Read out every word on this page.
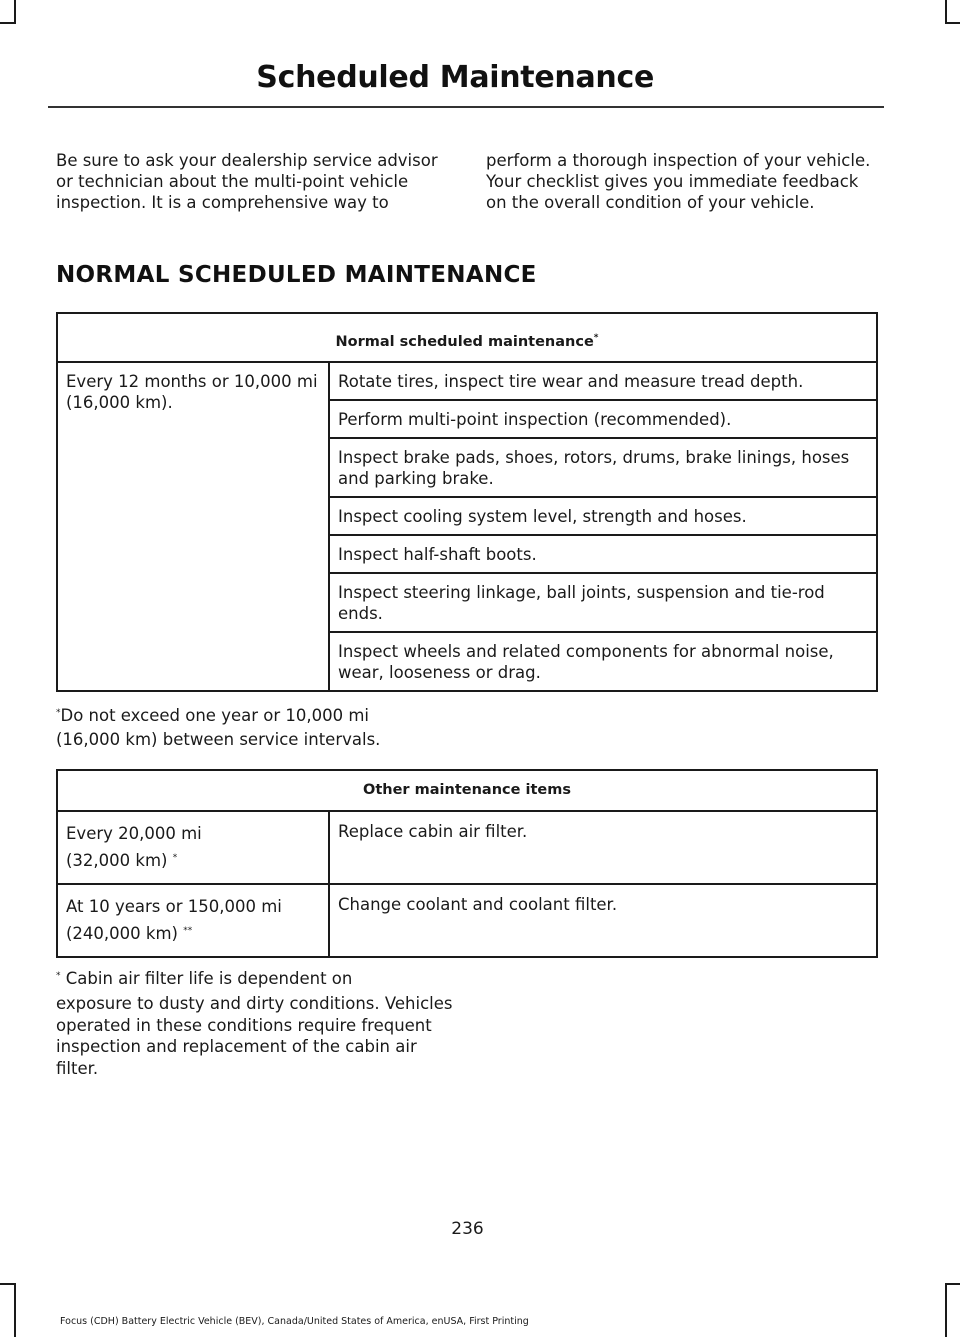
Scheduled Maintenance

Be sure to ask your dealership service advisor or technician about the multi-point vehicle inspection. It is a comprehensive way to perform a thorough inspection of your vehicle. Your checklist gives you immediate feedback on the overall condition of your vehicle.

NORMAL SCHEDULED MAINTENANCE
Normal scheduled maintenance*
Every 12 months or 10,000 mi (16,000 km).	Rotate tires, inspect tire wear and measure tread depth.
Perform multi-point inspection (recommended).
Inspect brake pads, shoes, rotors, drums, brake linings, hoses and parking brake.
Inspect cooling system level, strength and hoses.
Inspect half-shaft boots.
Inspect steering linkage, ball joints, suspension and tie-rod ends.
Inspect wheels and related components for abnormal noise, wear, looseness or drag.
*Do not exceed one year or 10,000 mi
(16,000 km) between service intervals.
Other maintenance items	

Every 20,000 mi
(32,000 km) *	Replace cabin air filter.

At 10 years or 150,000 mi
(240,000 km) **	Change coolant and coolant filter.
* Cabin air filter life is dependent on
exposure to dusty and dirty conditions. Vehicles operated in these conditions require frequent inspection and replacement of the cabin air filter.
236
Focus (CDH) Battery Electric Vehicle (BEV), Canada/United States of America, enUSA, First Printing
